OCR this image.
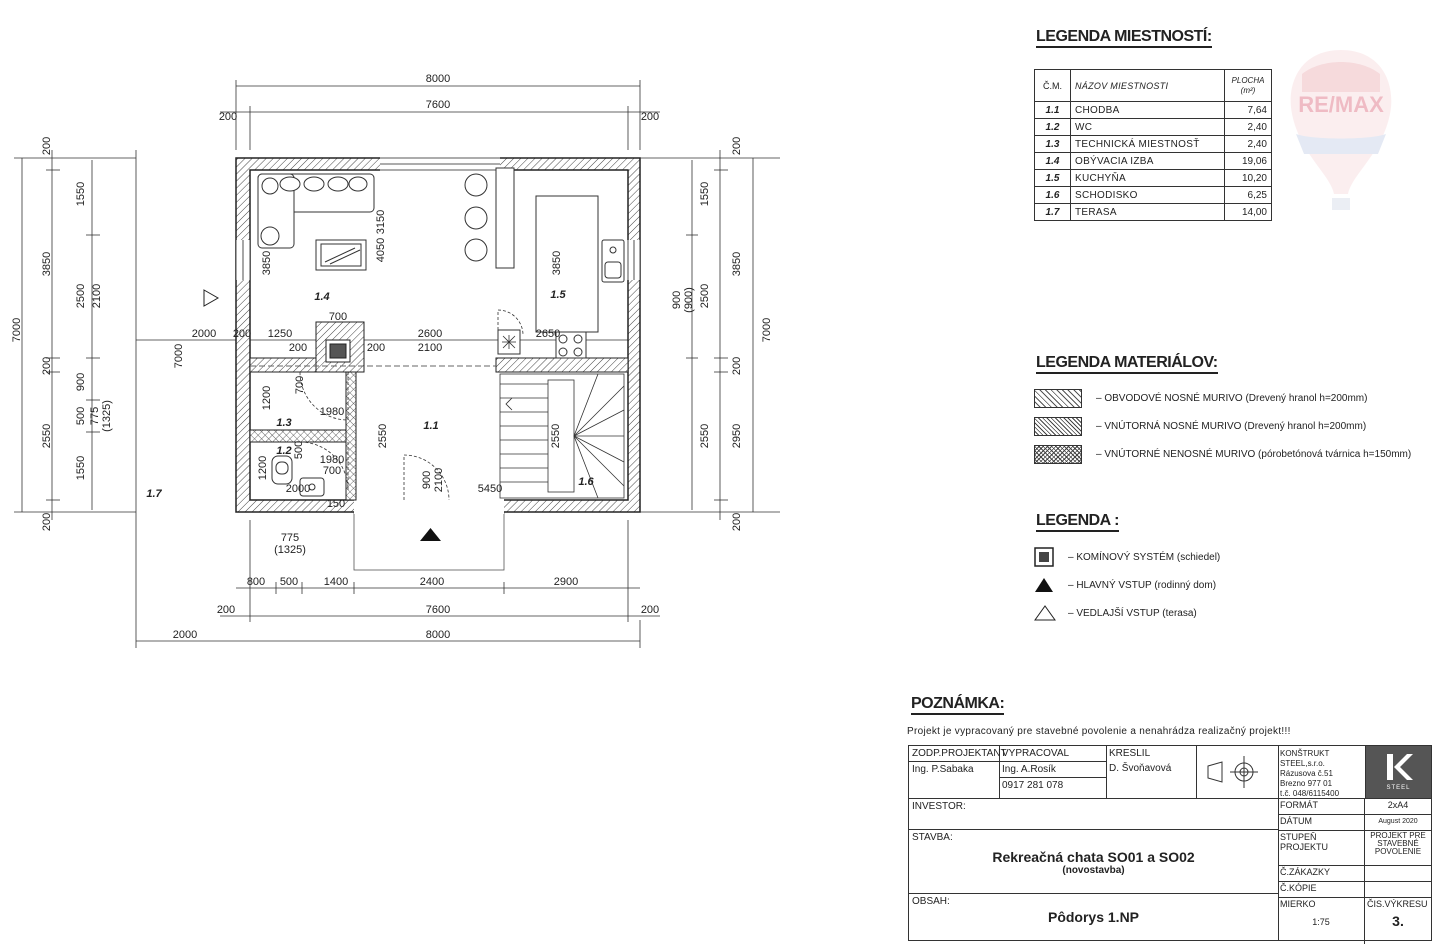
8000
7600
200	200
800 500 1400	2400	2900
200	7600	200
8000
2000
7000
200
3850
200
2550
200
1550
2500 2100
900
500 775 (1325)
1550
7000
200
3850
200
2950
200
1550
2500
2550
900 (900)
2000 200 1250
700
2600	2650
200	200	2100
3850
4050
3150
3850
1200
700
1980
500
1980
700
2000
150
1200	900 2100
2550	2550
5450
775
(1325)
7000
1.1
1.2
1.3
1.4	1.5
1.6
1.7
LEGENDA MIESTNOSTÍ:
RE/MAX
Č.M.	NÁZOV MIESTNOSTI	PLOCHA
(m²)

1.1	CHODBA	7,64
1.2	WC	2,40
1.3	TECHNICKÁ MIESTNOSŤ	2,40
1.4	OBÝVACIA IZBA	19,06
1.5	KUCHYŇA	10,20
1.6	SCHODISKO	6,25
1.7	TERASA	14,00
LEGENDA MATERIÁLOV:
– OBVODOVÉ NOSNÉ MURIVO (Drevený hranol h=200mm)
– VNÚTORNÁ NOSNÉ MURIVO (Drevený hranol h=200mm)
– VNÚTORNÉ NENOSNÉ MURIVO (pórobetónová tvárnica h=150mm)
LEGENDA :
– KOMÍNOVÝ SYSTÉM (schiedel)
– HLAVNÝ VSTUP (rodinný dom)
– VEDLAJŠÍ VSTUP (terasa)
POZNÁMKA:
Projekt je vypracovaný pre stavebné povolenie a nenahrádza realizačný projekt!!!
ZODP.PROJEKTANT
Ing. P.Sabaka
VYPRACOVAL
Ing. A.Rosík
0917 281 078
KRESLIL
D. Švoňavová
KONŠTRUKT STEEL,s.r.o.
Rázusova č.51
Brezno 977 01
t.č. 048/6115400
STEEL
INVESTOR:
STAVBA:
Rekreačná chata SO01 a SO02
(novostavba)
OBSAH:
Pôdorys 1.NP
FORMÁT	2xA4
DÁTUM	August 2020
STUPEŇ PROJEKTU
PROJEKT PRE STAVEBNÉ POVOLENIE
Č.ZÁKAZKY
Č.KÓPIE
MIERKO
1:75
ČIS.VÝKRESU
3.
